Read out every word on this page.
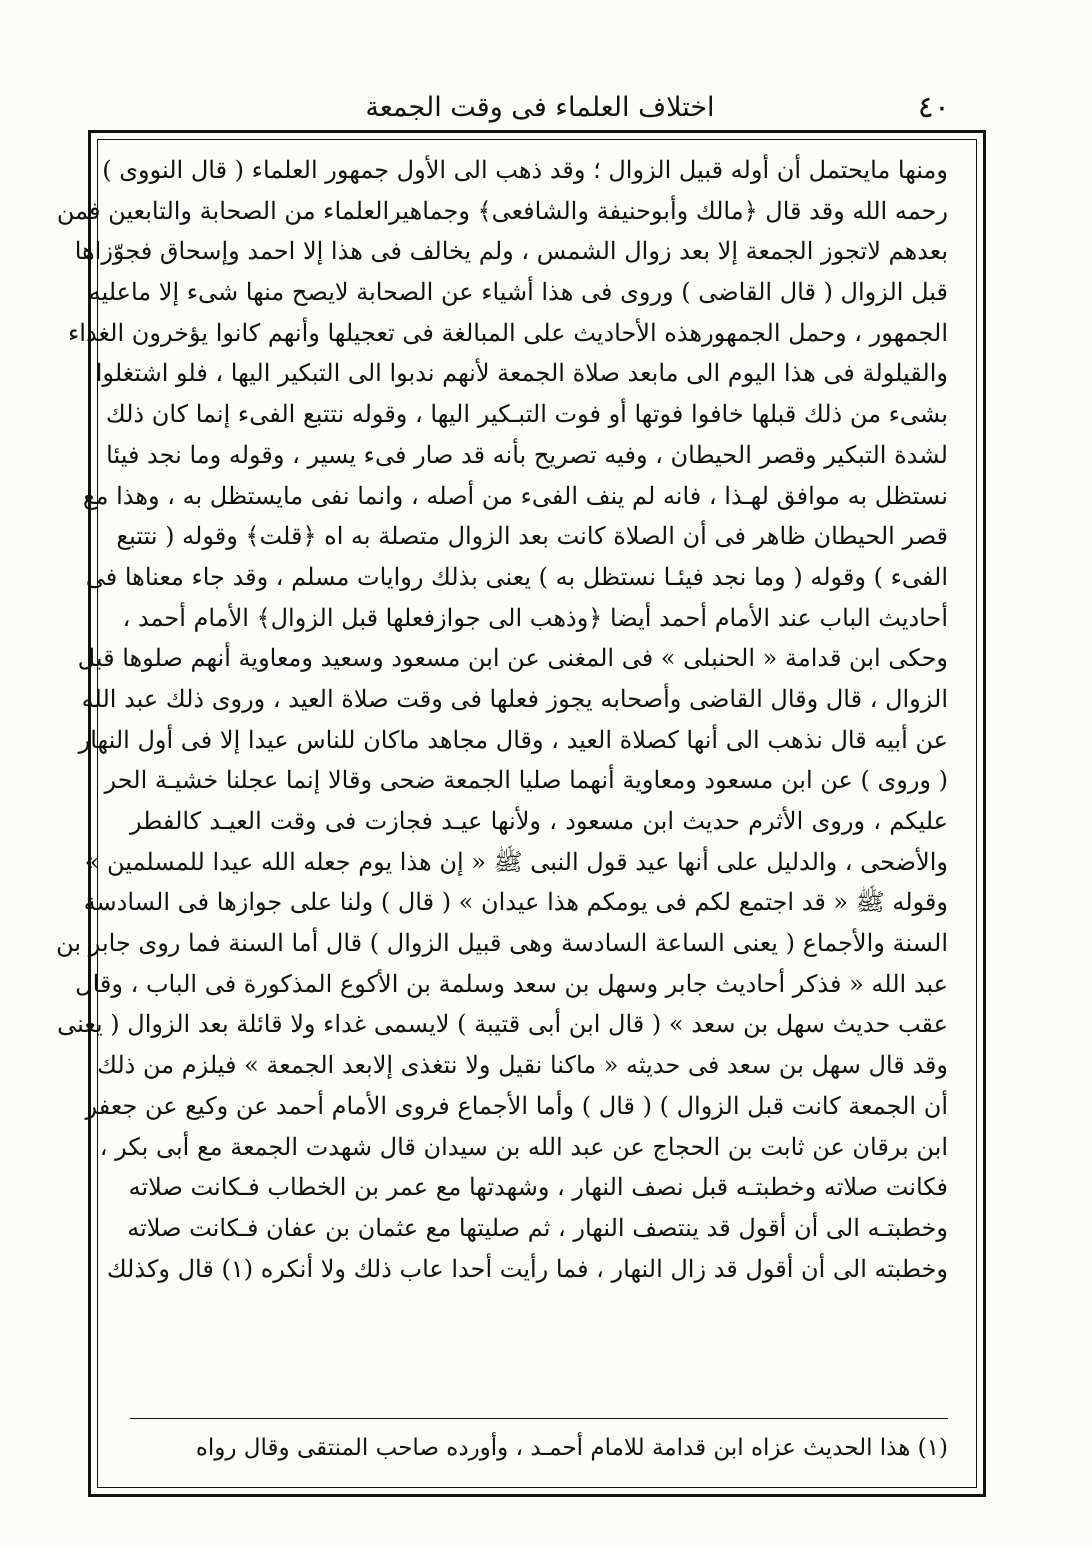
٤٠
اختلاف العلماء فى وقت الجمعة
ومنها مايحتمل أن أوله قبيل الزوال ؛ وقد ذهب الى الأول جمهور العلماء ( قال النووى )
رحمه الله وقد قال ﴿مالك وأبوحنيفة والشافعى﴾ وجماهيرالعلماء من الصحابة والتابعين فمن
بعدهم لاتجوز الجمعة إلا بعد زوال الشمس ، ولم يخالف فى هذا إلا احمد وإسحاق فجوّزاها
قبل الزوال ( قال القاضى ) وروى فى هذا أشياء عن الصحابة لايصح منها شىء إلا ماعليه
الجمهور ، وحمل الجمهورهذه الأحاديث على المبالغة فى تعجيلها وأنهم كانوا يؤخرون الغداء
والقيلولة فى هذا اليوم الى مابعد صلاة الجمعة لأنهم ندبوا الى التبكير اليها ، فلو اشتغلوا
بشىء من ذلك قبلها خافوا فوتها أو فوت التبـكير اليها ، وقوله نتتبع الفىء إنما كان ذلك
لشدة التبكير وقصر الحيطان ، وفيه تصريح بأنه قد صار فىء يسير ، وقوله وما نجد فيئا
نستظل به موافق لهـذا ، فانه لم ينف الفىء من أصله ، وانما نفى مايستظل به ، وهذا مع
قصر الحيطان ظاهر فى أن الصلاة كانت بعد الزوال متصلة به اه ﴿قلت﴾ وقوله ( نتتبع
الفىء ) وقوله ( وما نجد فيئـا نستظل به ) يعنى بذلك روايات مسلم ، وقد جاء معناها فى
أحاديث الباب عند الأمام أحمد أيضا ﴿وذهب الى جوازفعلها قبل الزوال﴾ الأمام أحمد ،
وحكى ابن قدامة « الحنبلى » فى المغنى عن ابن مسعود وسعيد ومعاوية أنهم صلوها قبل
الزوال ، قال وقال القاضى وأصحابه يجوز فعلها فى وقت صلاة العيد ، وروى ذلك عبد الله
عن أبيه قال نذهب الى أنها كصلاة العيد ، وقال مجاهد ماكان للناس عيدا إلا فى أول النهار
( وروى ) عن ابن مسعود ومعاوية أنهما صليا الجمعة ضحى وقالا إنما عجلنا خشيـة الحر
عليكم ، وروى الأثرم حديث ابن مسعود ، ولأنها عيـد فجازت فى وقت العيـد كالفطر
والأضحى ، والدليل على أنها عيد قول النبى ﷺ « إن هذا يوم جعله الله عيدا للمسلمين »
وقوله ﷺ « قد اجتمع لكم فى يومكم هذا عيدان » ( قال ) ولنا على جوازها فى السادسة
السنة والأجماع ( يعنى الساعة السادسة وهى قبيل الزوال ) قال أما السنة فما روى جابر بن
عبد الله « فذكر أحاديث جابر وسهل بن سعد وسلمة بن الأكوع المذكورة فى الباب ، وقال
عقب حديث سهل بن سعد » ( قال ابن أبى قتيبة ) لايسمى غداء ولا قائلة بعد الزوال ( يعنى
وقد قال سهل بن سعد فى حديثه « ماكنا نقيل ولا نتغذى إلابعد الجمعة » فيلزم من ذلك
أن الجمعة كانت قبل الزوال ) ( قال ) وأما الأجماع فروى الأمام أحمد عن وكيع عن جعفر
ابن برقان عن ثابت بن الحجاج عن عبد الله بن سيدان قال شهدت الجمعة مع أبى بكر ،
فكانت صلاته وخطبتـه قبل نصف النهار ، وشهدتها مع عمر بن الخطاب فـكانت صلاته
وخطبتـه الى أن أقول قد ينتصف النهار ، ثم صليتها مع عثمان بن عفان فـكانت صلاته
وخطبته الى أن أقول قد زال النهار ، فما رأيت أحدا عاب ذلك ولا أنكره (١) قال وكذلك
(١) هذا الحديث عزاه ابن قدامة للامام أحمـد ، وأورده صاحب المنتقى وقال رواه
